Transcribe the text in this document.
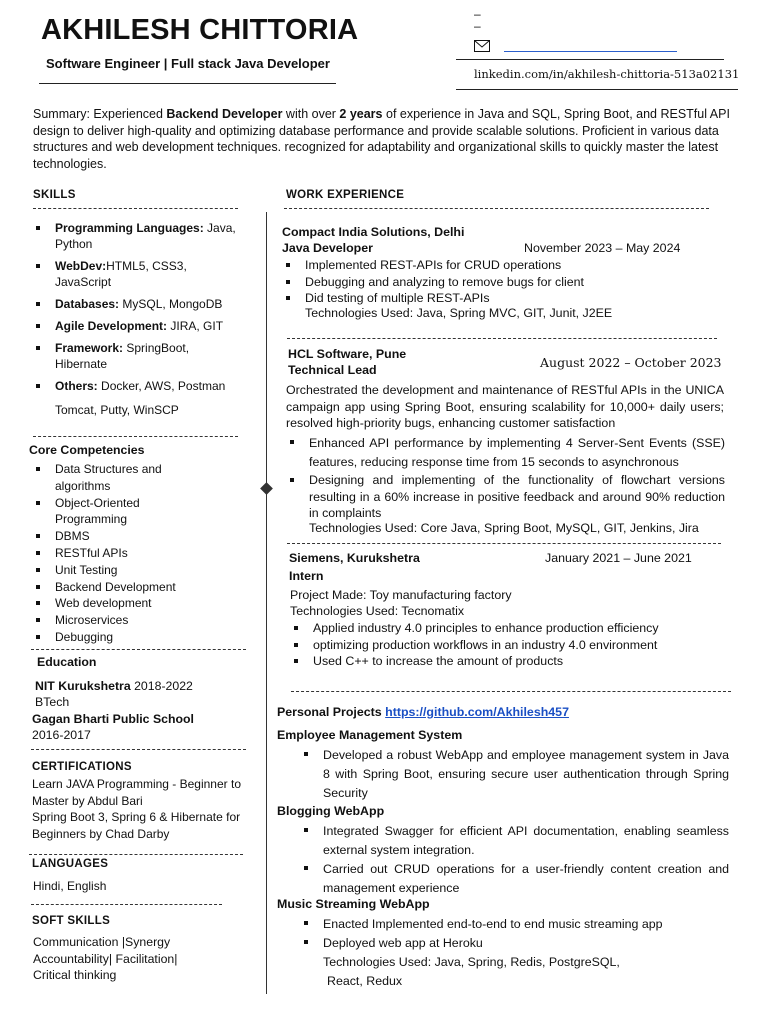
AKHILESH CHITTORIA
Software Engineer | Full stack Java Developer
–
–
linkedin.com/in/akhilesh-chittoria-513a02131
Summary: Experienced Backend Developer with over 2 years of experience in Java and SQL, Spring Boot, and RESTful API design to deliver high-quality and optimizing database performance and provide scalable solutions. Proficient in various data structures and web development techniques. recognized for adaptability and organizational skills to quickly master the latest technologies.
SKILLS
Programming Languages: Java, Python
WebDev:HTML5, CSS3, JavaScript
Databases: MySQL, MongoDB
Agile Development: JIRA, GIT
Framework: SpringBoot, Hibernate
Others: Docker, AWS, Postman
Tomcat, Putty, WinSCP
Core Competencies
Data Structures and algorithms
Object-Oriented Programming
DBMS
RESTful APIs
Unit Testing
Backend Development
Web development
Microservices
Debugging
Education
NIT Kurukshetra 2018-2022
BTech
Gagan Bharti Public School
2016-2017
CERTIFICATIONS
Learn JAVA Programming - Beginner to Master by Abdul Bari
Spring Boot 3, Spring 6 & Hibernate for Beginners by Chad Darby
LANGUAGES
Hindi, English
SOFT SKILLS
Communication |Synergy
Accountability| Facilitation|
Critical thinking
WORK EXPERIENCE
Compact India Solutions, Delhi
Java Developer	November 2023 – May 2024
Implemented REST-APIs for CRUD operations
Debugging and analyzing to remove bugs for client
Did testing of multiple REST-APIs
Technologies Used: Java, Spring MVC, GIT, Junit, J2EE
HCL Software, Pune
Technical Lead	August 2022 – October 2023
Orchestrated the development and maintenance of RESTful APIs in the UNICA campaign app using Spring Boot, ensuring scalability for 10,000+ daily users; resolved high-priority bugs, enhancing customer satisfaction
Enhanced API performance by implementing 4 Server-Sent Events (SSE) features, reducing response time from 15 seconds to asynchronous
Designing and implementing of the functionality of flowchart versions resulting in a 60% increase in positive feedback and around 90% reduction in complaints
Technologies Used: Core Java, Spring Boot, MySQL, GIT, Jenkins, Jira
Siemens, Kurukshetra
Intern
January 2021 – June 2021
Project Made: Toy manufacturing factory
Technologies Used: Tecnomatix
Applied industry 4.0 principles to enhance production efficiency
optimizing production workflows in an industry 4.0 environment
Used C++ to increase the amount of products
Personal Projects https://github.com/Akhilesh457
Employee Management System
Developed a robust WebApp and employee management system in Java 8 with Spring Boot, ensuring secure user authentication through Spring Security
Blogging WebApp
Integrated Swagger for efficient API documentation, enabling seamless external system integration.
Carried out CRUD operations for a user-friendly content creation and management experience
Music Streaming WebApp
Enacted Implemented end-to-end to end music streaming app
Deployed web app at Heroku
Technologies Used: Java, Spring, Redis, PostgreSQL,
React, Redux
